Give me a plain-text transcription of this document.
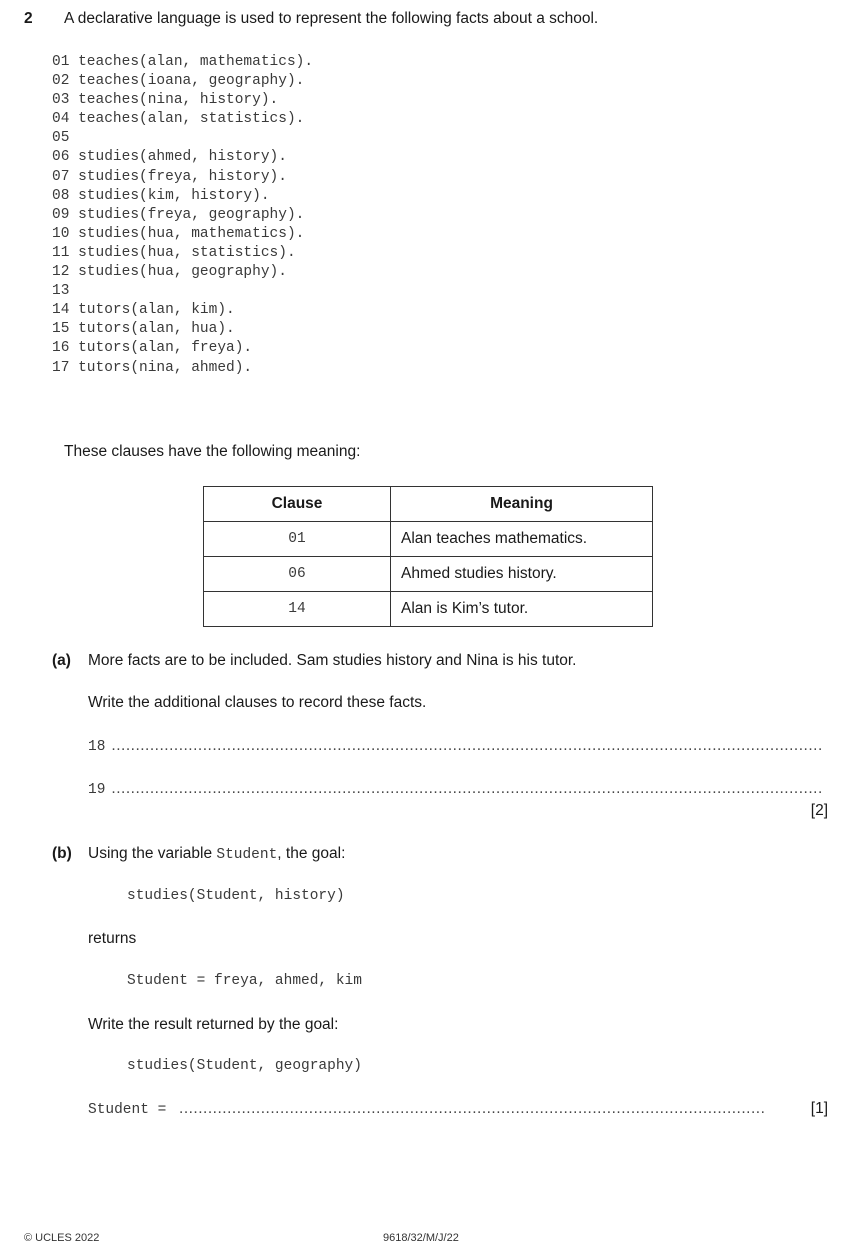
2 A declarative language is used to represent the following facts about a school.
01 teaches(alan, mathematics).
02 teaches(ioana, geography).
03 teaches(nina, history).
04 teaches(alan, statistics).
05
06 studies(ahmed, history).
07 studies(freya, history).
08 studies(kim, history).
09 studies(freya, geography).
10 studies(hua, mathematics).
11 studies(hua, statistics).
12 studies(hua, geography).
13
14 tutors(alan, kim).
15 tutors(alan, hua).
16 tutors(alan, freya).
17 tutors(nina, ahmed).
These clauses have the following meaning:
Clause	Meaning
01	Alan teaches mathematics.
06	Ahmed studies history.
14	Alan is Kim’s tutor.
(a) More facts are to be included. Sam studies history and Nina is his tutor.
Write the additional clauses to record these facts.
18 ....................................................................................................................................................
19 ....................................................................................................................................................
[2]
(b) Using the variable Student, the goal:
studies(Student, history)
returns
Student = freya, ahmed, kim
Write the result returned by the goal:
studies(Student, geography)
Student = ..........................................................................................................................	[1]
© UCLES 2022	9618/32/M/J/22
